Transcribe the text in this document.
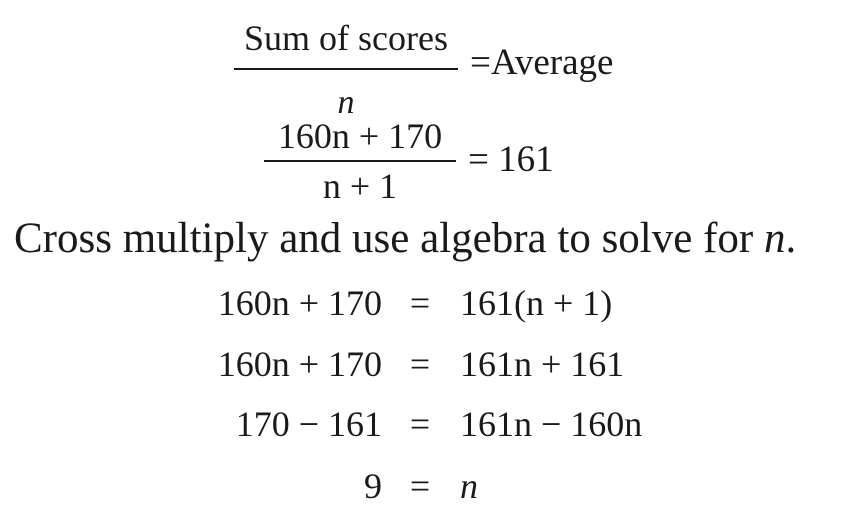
Sum of scores
n
=Average
160n + 170
n + 1
= 161
Cross multiply and use algebra to solve for n.
160n + 170 = 161(n + 1)
160n + 170 = 161n + 161
170 − 161 = 161n − 160n
9 = n
